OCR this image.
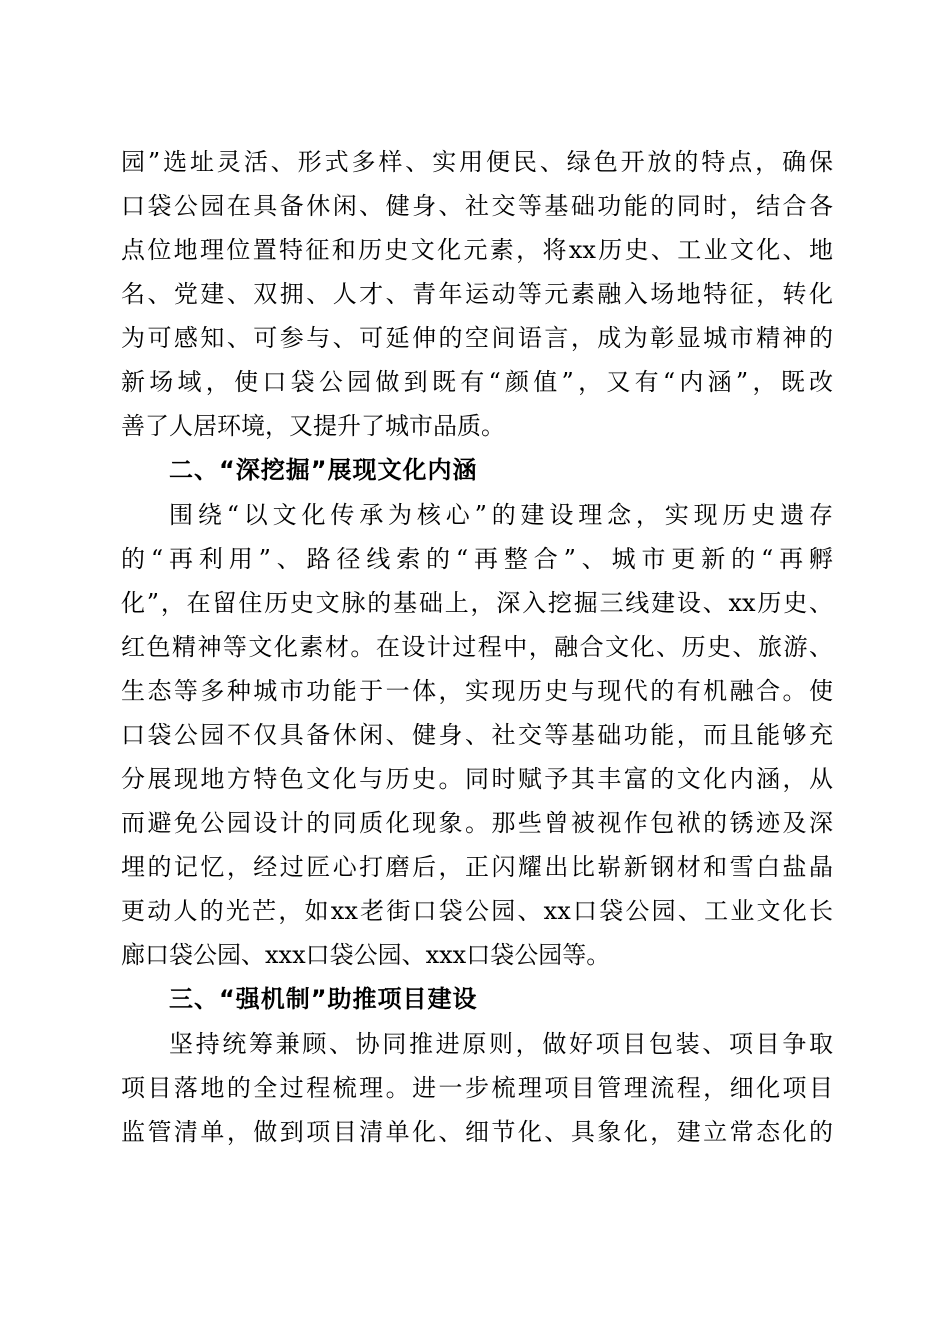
园”选址灵活、形式多样、实用便民、绿色开放的特点，确保
口袋公园在具备休闲、健身、社交等基础功能的同时，结合各
点位地理位置特征和历史文化元素，将xx历史、工业文化、地
名、党建、双拥、人才、青年运动等元素融入场地特征，转化
为可感知、可参与、可延伸的空间语言，成为彰显城市精神的
新场域，使口袋公园做到既有“颜值”，又有“内涵”，既改
善了人居环境，又提升了城市品质。
二、“深挖掘”展现文化内涵
围绕“以文化传承为核心”的建设理念，实现历史遗存
的“再利用”、路径线索的“再整合”、城市更新的“再孵
化”，在留住历史文脉的基础上，深入挖掘三线建设、xx历史、
红色精神等文化素材。在设计过程中，融合文化、历史、旅游、
生态等多种城市功能于一体，实现历史与现代的有机融合。使
口袋公园不仅具备休闲、健身、社交等基础功能，而且能够充
分展现地方特色文化与历史。同时赋予其丰富的文化内涵，从
而避免公园设计的同质化现象。那些曾被视作包袱的锈迹及深
埋的记忆，经过匠心打磨后，正闪耀出比崭新钢材和雪白盐晶
更动人的光芒，如xx老街口袋公园、xx口袋公园、工业文化长
廊口袋公园、xxx口袋公园、xxx口袋公园等。
三、“强机制”助推项目建设
坚持统筹兼顾、协同推进原则，做好项目包装、项目争取
项目落地的全过程梳理。进一步梳理项目管理流程，细化项目
监管清单，做到项目清单化、细节化、具象化，建立常态化的
